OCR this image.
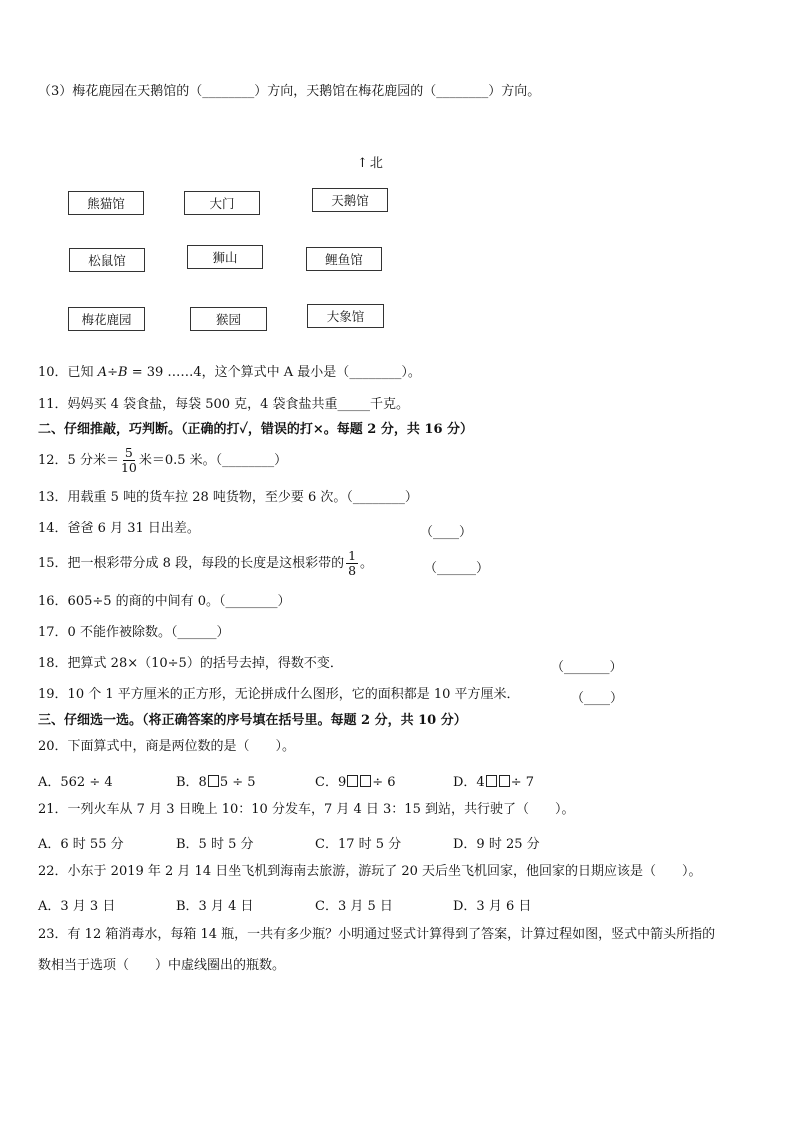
（3）梅花鹿园在天鹅馆的（________）方向，天鹅馆在梅花鹿园的（________）方向。
↑ 北
熊猫馆	大门	天鹅馆
松鼠馆	狮山	鲤鱼馆
梅花鹿园	猴园	大象馆
10．已知 A÷B = 39 ……4，这个算式中 A 最小是（________）。
11．妈妈买 4 袋食盐，每袋 500 克，4 袋食盐共重_____千克。
二、仔细推敲，巧判断。（正确的打✓，错误的打×。每题 2 分，共 16 分）
12．5 分米＝ $\frac{5}{10}$ 米＝0.5 米。（________）
13．用载重 5 吨的货车拉 28 吨货物，至少要 6 次。（________）
14．爸爸 6 月 31 日出差。	（____）
15．把一根彩带分成 8 段，每段的长度是这根彩带的 $\frac{1}{8}$ 。	（______）
16．605÷5 的商的中间有 0。（________）
17．0 不能作被除数。（______）
18．把算式 28×（10÷5）的括号去掉，得数不变．	（_______）
19．10 个 1 平方厘米的正方形，无论拼成什么图形，它的面积都是 10 平方厘米．	（____）
三、仔细选一选。（将正确答案的序号填在括号里。每题 2 分，共 10 分）
20．下面算式中，商是两位数的是（　　）。
A．562 ÷ 4	B．8 5 ÷ 5	C．9 ÷ 6	D．4 ÷ 7
21．一列火车从 7 月 3 日晚上 10：10 分发车，7 月 4 日 3：15 到站，共行驶了（　　）。
A．6 时 55 分	B．5 时 5 分	C．17 时 5 分	D．9 时 25 分
22．小东于 2019 年 2 月 14 日坐飞机到海南去旅游，游玩了 20 天后坐飞机回家，他回家的日期应该是（　　）。
A．3 月 3 日	B．3 月 4 日	C．3 月 5 日	D．3 月 6 日
23．有 12 箱消毒水，每箱 14 瓶，一共有多少瓶？小明通过竖式计算得到了答案，计算过程如图，竖式中箭头所指的
数相当于选项（　　）中虚线圈出的瓶数。
